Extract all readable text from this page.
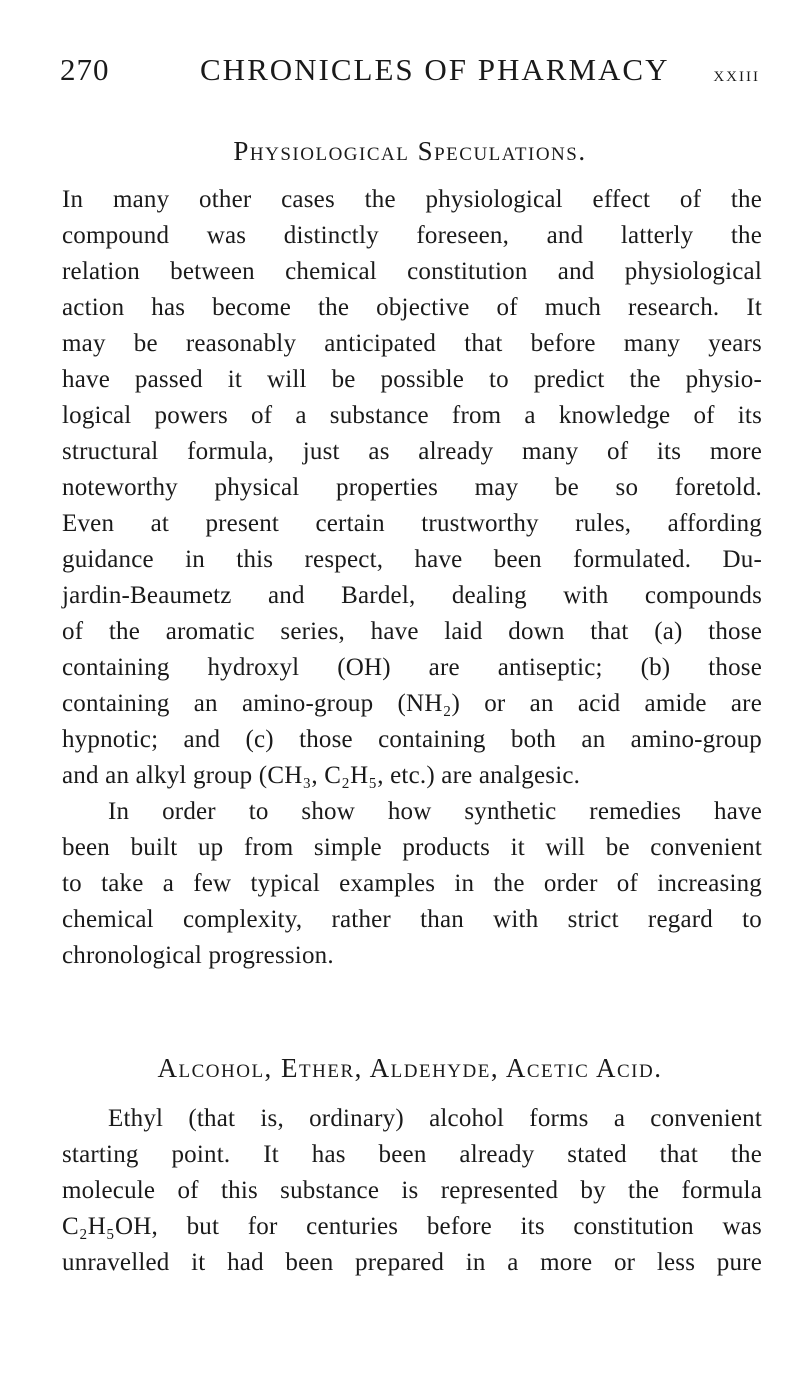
270	CHRONICLES OF PHARMACY xxiii
Physiological Speculations.
In many other cases the physiological effect of the
compound was distinctly foreseen, and latterly the
relation between chemical constitution and physiological
action has become the objective of much research. It
may be reasonably anticipated that before many years
have passed it will be possible to predict the physio-
logical powers of a substance from a knowledge of its
structural formula, just as already many of its more
noteworthy physical properties may be so foretold.
Even at present certain trustworthy rules, affording
guidance in this respect, have been formulated. Du-
jardin-Beaumetz and Bardel, dealing with compounds
of the aromatic series, have laid down that (a) those
containing hydroxyl (OH) are antiseptic; (b) those
containing an amino-group (NH₂) or an acid amide are
hypnotic; and (c) those containing both an amino-group
and an alkyl group (CH₃, C₂H₅, etc.) are analgesic.
In order to show how synthetic remedies have
been built up from simple products it will be convenient
to take a few typical examples in the order of increasing
chemical complexity, rather than with strict regard to
chronological progression.
Alcohol, Ether, Aldehyde, Acetic Acid.
Ethyl (that is, ordinary) alcohol forms a convenient
starting point. It has been already stated that the
molecule of this substance is represented by the formula
C₂H₅OH, but for centuries before its constitution was
unravelled it had been prepared in a more or less pure
